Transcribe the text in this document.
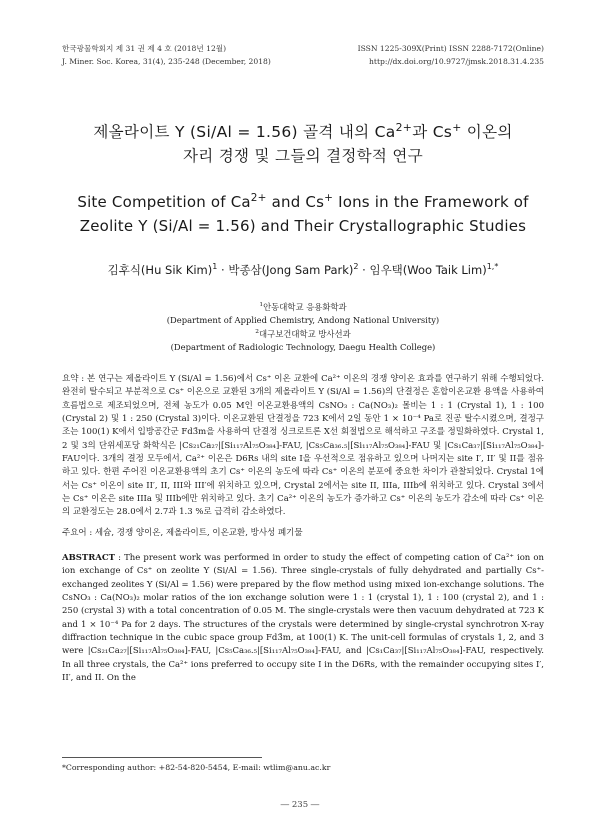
한국광물학회지 제 31 권 제 4 호 (2018년 12월)
J. Miner. Soc. Korea, 31(4), 235-248 (December, 2018)
ISSN 1225-309X(Print) ISSN 2288-7172(Online)
http://dx.doi.org/10.9727/jmsk.2018.31.4.235
제올라이트 Y (Si/Al = 1.56) 골격 내의 $Ca^{2+}$과 Cs+ 이온의
자리 경쟁 및 그들의 결정학적 연구
Site Competition of $Ca^{2+}$ and Cs+ Ions in the Framework of
Zeolite Y (Si/Al = 1.56) and Their Crystallographic Studies
김후식(Hu Sik Kim)$^1$ · 박종삼(Jong Sam Park)$^2$ · 임우택(Woo Taik Lim)$^{1,*}$
$^1$안동대학교 응용화학과
(Department of Applied Chemistry, Andong National University)
$^2$대구보건대학교 방사선과
(Department of Radiologic Technology, Daegu Health College)
요약 : 본 연구는 제올라이트 Y (Si/Al = 1.56)에서 Cs⁺ 이온 교환에 Ca²⁺ 이온의 경쟁 양이온 효과를 연구하기 위해 수행되었다. 완전히 탈수되고 부분적으로 Cs⁺ 이온으로 교환된 3개의 제올라이트 Y (Si/Al = 1.56)의 단결정은 혼합이온교환 용액을 사용하여 흐름법으로 제조되었으며, 전체 농도가 0.05 M인 이온교환용액의 CsNO₃ : Ca(NO₃)₂ 몰비는 1 : 1 (Crystal 1), 1 : 100 (Crystal 2) 및 1 : 250 (Crystal 3)이다. 이온교환된 단결정을 723 K에서 2일 동안 1 × 10⁻⁴ Pa로 진공 탈수시켰으며, 결정구조는 100(1) K에서 입방공간군 Fd3̄m을 사용하여 단결정 싱크로트론 X선 회절법으로 해석하고 구조를 정밀화하였다. Crystal 1, 2 및 3의 단위세포당 화학식은 |Cs₂₁Ca₂₇|[Si₁₁₇Al₇₅O₃₈₄]-FAU, |Cs₅Ca₃₆.₅|[Si₁₁₇Al₇₅O₃₈₄]-FAU 및 |Cs₁Ca₃₇|[Si₁₁₇Al₇₅O₃₈₄]-FAU이다. 3개의 결정 모두에서, Ca²⁺ 이온은 D6Rs 내의 site I을 우선적으로 점유하고 있으며 나머지는 site I′, II′ 및 II를 점유하고 있다. 한편 주어진 이온교환용액의 초기 Cs⁺ 이온의 농도에 따라 Cs⁺ 이온의 분포에 중요한 차이가 관찰되었다. Crystal 1에서는 Cs⁺ 이온이 site II′, II, III와 III′에 위치하고 있으며, Crystal 2에서는 site II, IIIa, IIIb에 위치하고 있다. Crystal 3에서는 Cs⁺ 이온은 site IIIa 및 IIIb에만 위치하고 있다. 초기 Ca²⁺ 이온의 농도가 증가하고 Cs⁺ 이온의 농도가 감소에 따라 Cs⁺ 이온의 교환정도는 28.0에서 2.7과 1.3 %로 급격히 감소하였다.
주요어 : 세슘, 경쟁 양이온, 제올라이트, 이온교환, 방사성 폐기물
ABSTRACT : The present work was performed in order to study the effect of competing cation of Ca²⁺ ion on ion exchange of Cs⁺ on zeolite Y (Si/Al = 1.56). Three single-crystals of fully dehydrated and partially Cs⁺-exchanged zeolites Y (Si/Al = 1.56) were prepared by the flow method using mixed ion-exchange solutions. The CsNO₃ : Ca(NO₃)₂ molar ratios of the ion exchange solution were 1 : 1 (crystal 1), 1 : 100 (crystal 2), and 1 : 250 (crystal 3) with a total concentration of 0.05 M. The single-crystals were then vacuum dehydrated at 723 K and 1 × 10⁻⁴ Pa for 2 days. The structures of the crystals were determined by single-crystal synchrotron X-ray diffraction technique in the cubic space group Fd3̄m, at 100(1) K. The unit-cell formulas of crystals 1, 2, and 3 were |Cs₂₁Ca₂₇|[Si₁₁₇Al₇₅O₃₈₄]-FAU, |Cs₅Ca₃₆.₅|[Si₁₁₇Al₇₅O₃₈₄]-FAU, and |Cs₁Ca₃₇|[Si₁₁₇Al₇₅O₃₈₄]-FAU, respectively. In all three crystals, the Ca²⁺ ions preferred to occupy site I in the D6Rs, with the remainder occupying sites I′, II′, and II. On the
*Corresponding author: +82-54-820-5454, E-mail: wtlim@anu.ac.kr
― 235 ―
